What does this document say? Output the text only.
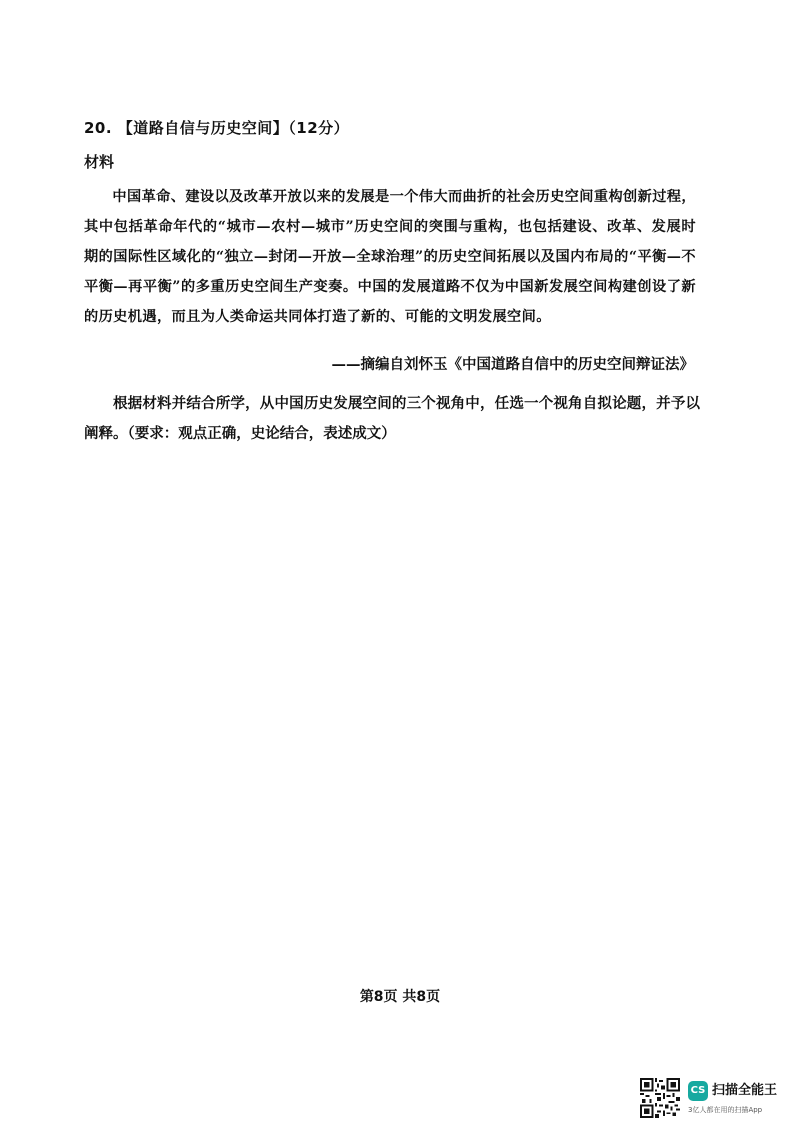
20. 【道路自信与历史空间】（12分）
材料

中国革命、建设以及改革开放以来的发展是一个伟大而曲折的社会历史空间重构创新过程，其中包括革命年代的“城市—农村—城市”历史空间的突围与重构，也包括建设、改革、发展时期的国际性区域化的“独立—封闭—开放—全球治理”的历史空间拓展以及国内布局的“平衡—不平衡—再平衡”的多重历史空间生产变奏。中国的发展道路不仅为中国新发展空间构建创设了新的历史机遇，而且为人类命运共同体打造了新的、可能的文明发展空间。

——摘编自刘怀玉《中国道路自信中的历史空间辩证法》

根据材料并结合所学，从中国历史发展空间的三个视角中，任选一个视角自拟论题，并予以阐释。（要求：观点正确，史论结合，表述成文）

第8页 共8页
CS 扫描全能王
3亿人都在用的扫描App
